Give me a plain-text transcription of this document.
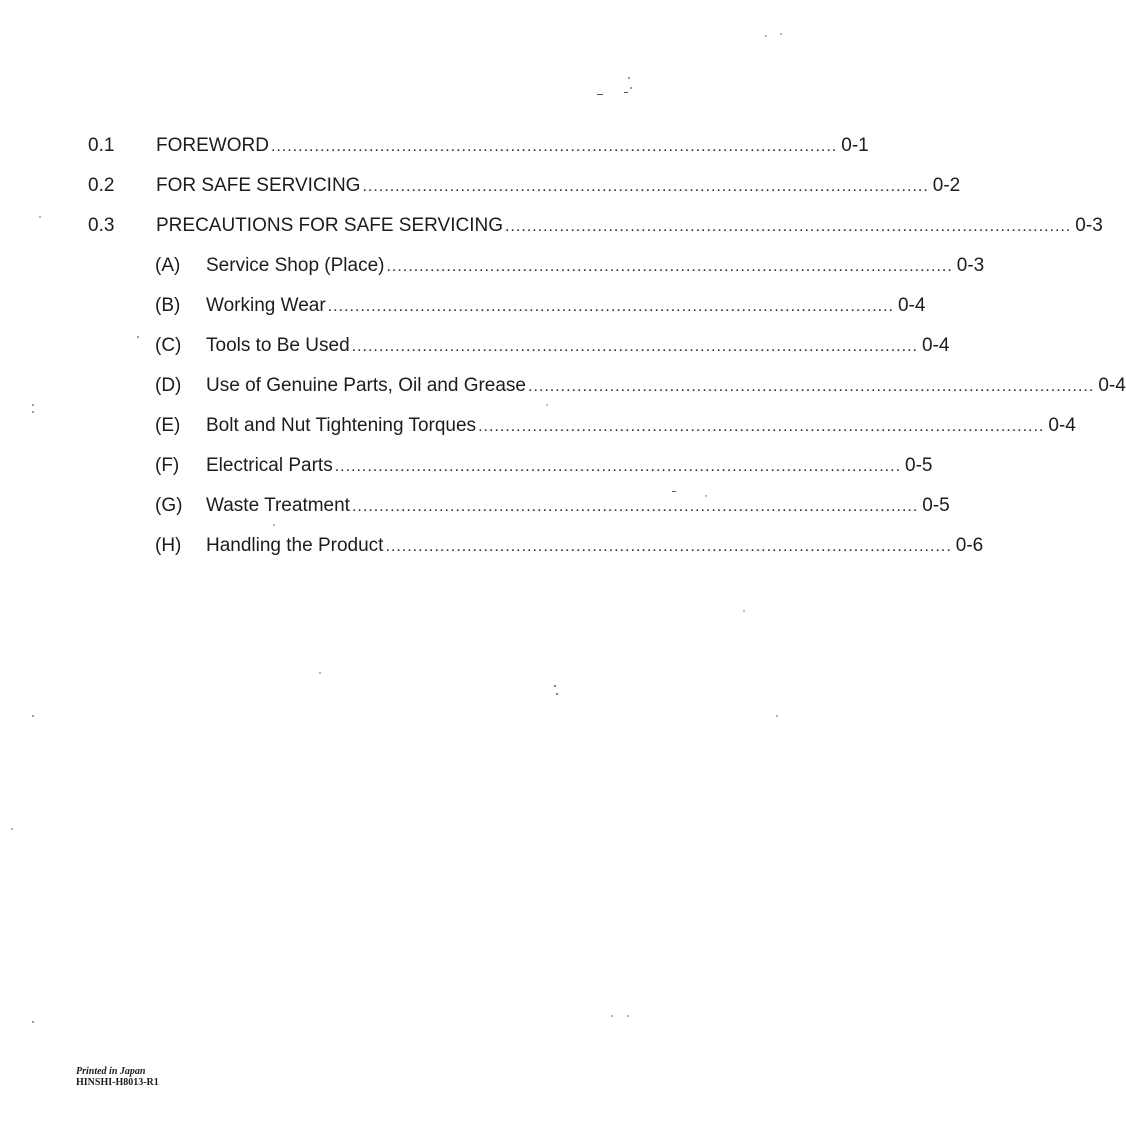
0.1 FOREWORD ........................................................................................................ 0-1
0.2 FOR SAFE SERVICING ........................................................................................................ 0-2
0.3 PRECAUTIONS FOR SAFE SERVICING ........................................................................................................ 0-3
(A) Service Shop (Place) ........................................................................................................ 0-3
(B) Working Wear ........................................................................................................ 0-4
(C) Tools to Be Used ........................................................................................................ 0-4
(D) Use of Genuine Parts, Oil and Grease ........................................................................................................ 0-4
(E) Bolt and Nut Tightening Torques ........................................................................................................ 0-4
(F) Electrical Parts ........................................................................................................ 0-5
(G) Waste Treatment ........................................................................................................ 0-5
(H) Handling the Product ........................................................................................................ 0-6
Printed in Japan
HINSHI-H8013-R1
